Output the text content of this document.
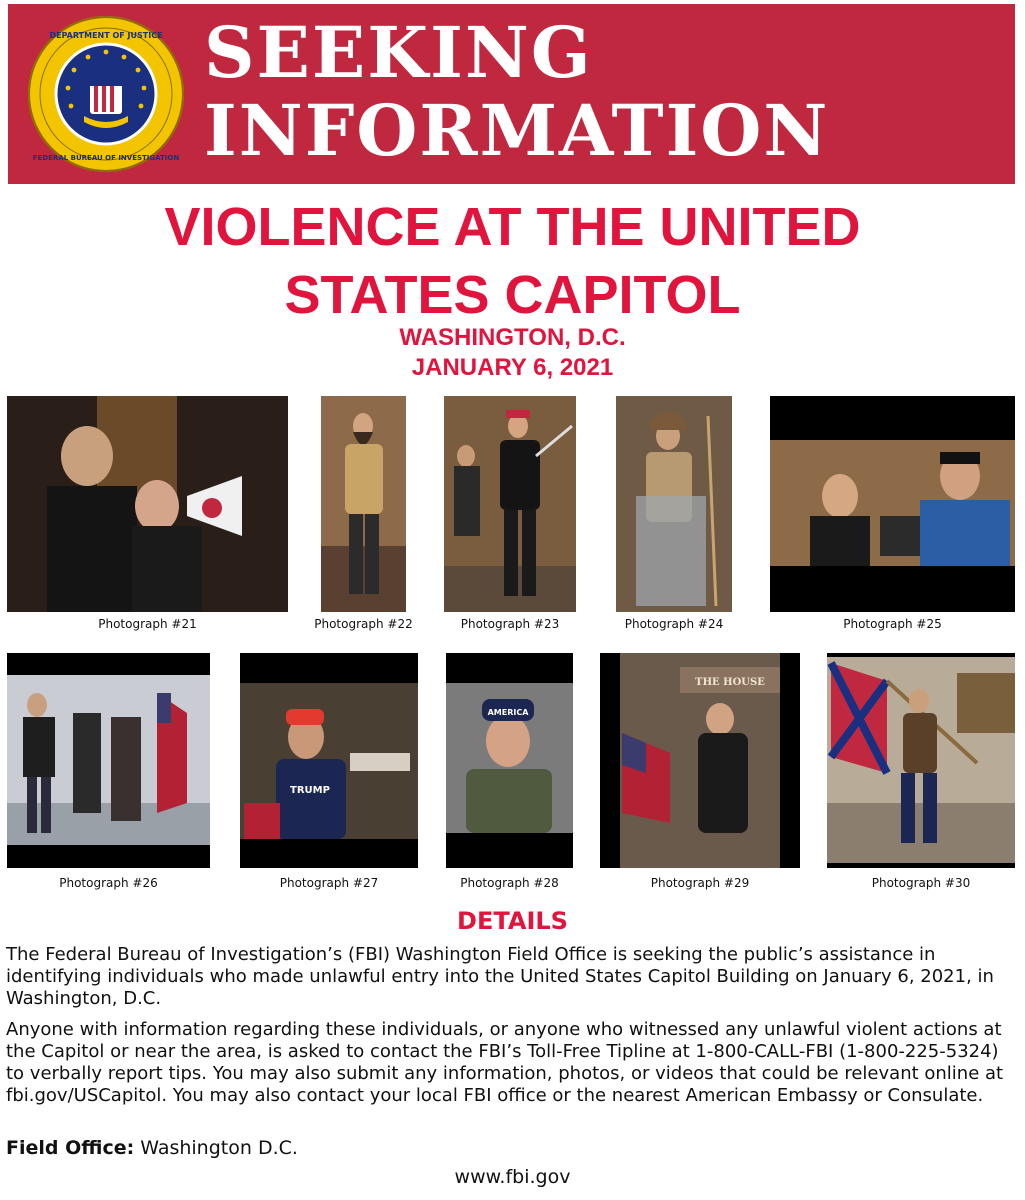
DEPARTMENT OF JUSTICE
FEDERAL BUREAU OF INVESTIGATION
SEEKING
INFORMATION
VIOLENCE AT THE UNITED STATES CAPITOL
WASHINGTON, D.C.
JANUARY 6, 2021
Photograph #21	Photograph #22	Photograph #23	Photograph #24	Photograph #25
Photograph #26
TRUMP
Photograph #27
AMERICA
Photograph #28
THE HOUSE
Photograph #29	Photograph #30
DETAILS
The Federal Bureau of Investigation’s (FBI) Washington Field Office is seeking the public’s assistance in identifying individuals who made unlawful entry into the United States Capitol Building on January 6, 2021, in Washington, D.C.
Anyone with information regarding these individuals, or anyone who witnessed any unlawful violent actions at the Capitol or near the area, is asked to contact the FBI’s Toll-Free Tipline at 1-800-CALL-FBI (1-800-225-5324) to verbally report tips. You may also submit any information, photos, or videos that could be relevant online at fbi.gov/USCapitol. You may also contact your local FBI office or the nearest American Embassy or Consulate.
Field Office: Washington D.C.
www.fbi.gov
